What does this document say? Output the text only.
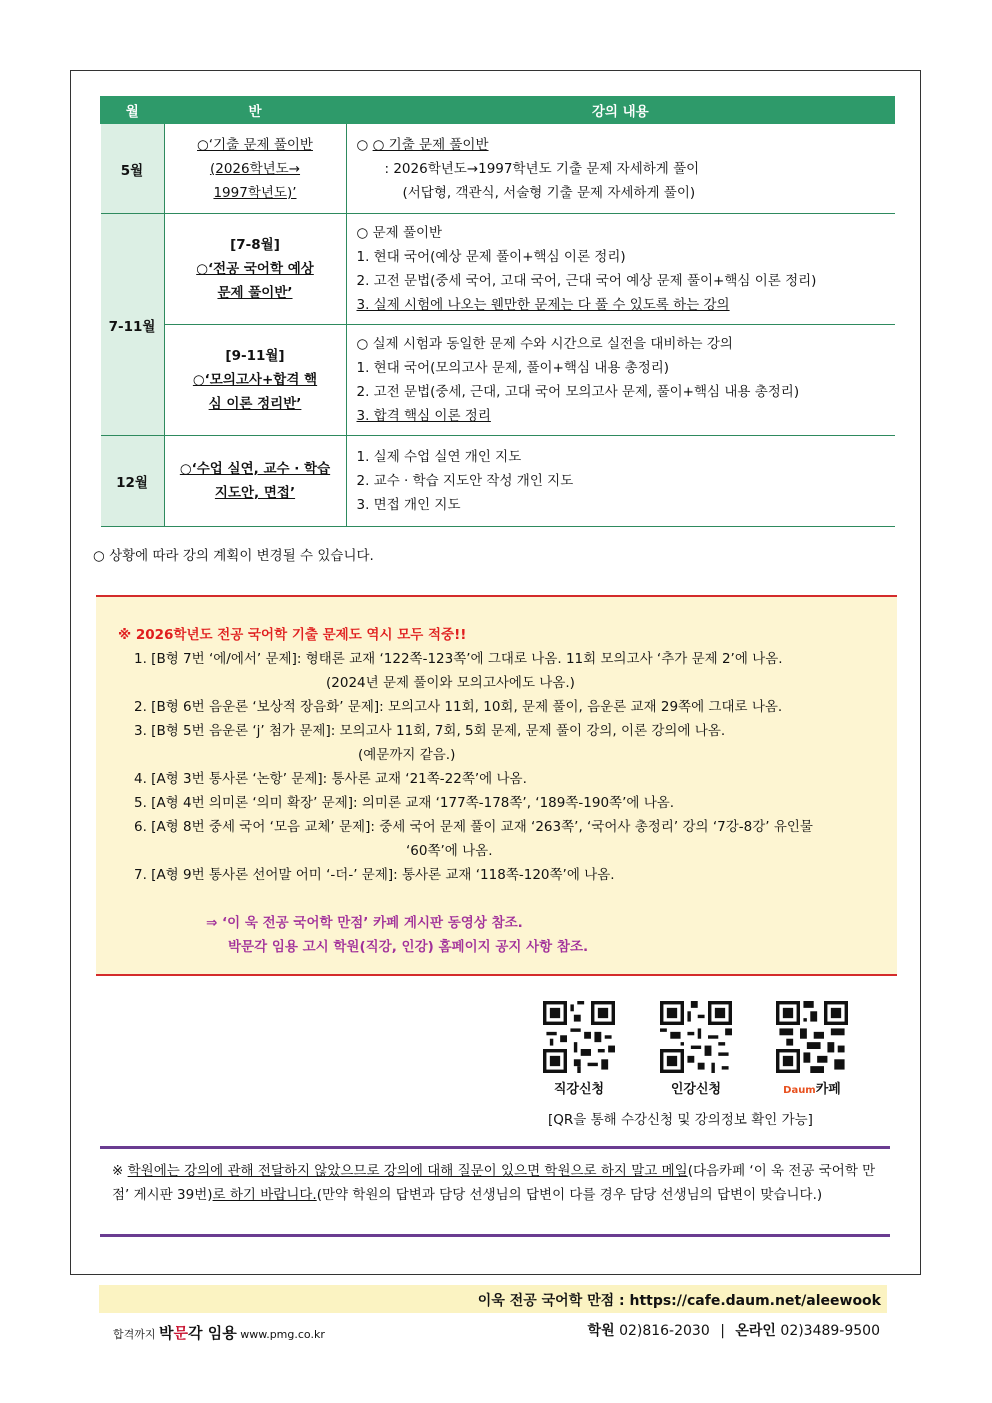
월	반	강의 내용
5월	○‘기출 문제 풀이반
(2026학년도→
1997학년도)’	○ ○ 기출 문제 풀이반
: 2026학년도→1997학년도 기출 문제 자세하게 풀이
(서답형, 객관식, 서술형 기출 문제 자세하게 풀이)

7-11월	[7-8월]
○‘전공 국어학 예상
문제 풀이반’	○ 문제 풀이반
1. 현대 국어(예상 문제 풀이+핵심 이론 정리)
2. 고전 문법(중세 국어, 고대 국어, 근대 국어 예상 문제 풀이+핵심 이론 정리)
3. 실제 시험에 나오는 웬만한 문제는 다 풀 수 있도록 하는 강의

	[9-11월]
○‘모의고사+합격 핵
심 이론 정리반’	○ 실제 시험과 동일한 문제 수와 시간으로 실전을 대비하는 강의
1. 현대 국어(모의고사 문제, 풀이+핵심 내용 총정리)
2. 고전 문법(중세, 근대, 고대 국어 모의고사 문제, 풀이+핵심 내용 총정리)
3. 합격 핵심 이론 정리

12월	○‘수업 실연, 교수 · 학습
지도안, 면접’	1. 실제 수업 실연 개인 지도
2. 교수 · 학습 지도안 작성 개인 지도
3. 면접 개인 지도
○ 상황에 따라 강의 계획이 변경될 수 있습니다.
※ 2026학년도 전공 국어학 기출 문제도 역시 모두 적중!!
1. [B형 7번 ‘에/에서’ 문제]: 형태론 교재 ‘122쪽-123쪽’에 그대로 나옴. 11회 모의고사 ‘추가 문제 2’에 나옴.
(2024년 문제 풀이와 모의고사에도 나옴.)
2. [B형 6번 음운론 ‘보상적 장음화’ 문제]: 모의고사 11회, 10회, 문제 풀이, 음운론 교재 29쪽에 그대로 나옴.
3. [B형 5번 음운론 ‘j’ 첨가 문제]: 모의고사 11회, 7회, 5회 문제, 문제 풀이 강의, 이론 강의에 나옴.
(예문까지 같음.)
4. [A형 3번 통사론 ‘논항’ 문제]: 통사론 교재 ‘21쪽-22쪽’에 나옴.
5. [A형 4번 의미론 ‘의미 확장’ 문제]: 의미론 교재 ‘177쪽-178쪽’, ‘189쪽-190쪽’에 나옴.
6. [A형 8번 중세 국어 ‘모음 교체’ 문제]: 중세 국어 문제 풀이 교재 ‘263쪽’, ‘국어사 총정리’ 강의 ‘7강-8강’ 유인물
‘60쪽’에 나옴.
7. [A형 9번 통사론 선어말 어미 ‘-더-’ 문제]: 통사론 교재 ‘118쪽-120쪽’에 나옴.
⇒ ‘이 욱 전공 국어학 만점’ 카페 게시판 동영상 참조.
박문각 임용 고시 학원(직강, 인강) 홈페이지 공지 사항 참조.
직강신청	인강신청	Daum카페
[QR을 통해 수강신청 및 강의정보 확인 가능]
※ 학원에는 강의에 관해 전달하지 않았으므로 강의에 대해 질문이 있으면 학원으로 하지 말고 메일(다음카페 ‘이 욱 전공 국어학 만점’ 게시판 39번)로 하기 바랍니다.(만약 학원의 답변과 담당 선생님의 답변이 다를 경우 담당 선생님의 답변이 맞습니다.)
이욱 전공 국어학 만점 : https://cafe.daum.net/aleewook
합격까지 박문각 임용 www.pmg.co.kr	학원 02)816-2030 | 온라인 02)3489-9500
